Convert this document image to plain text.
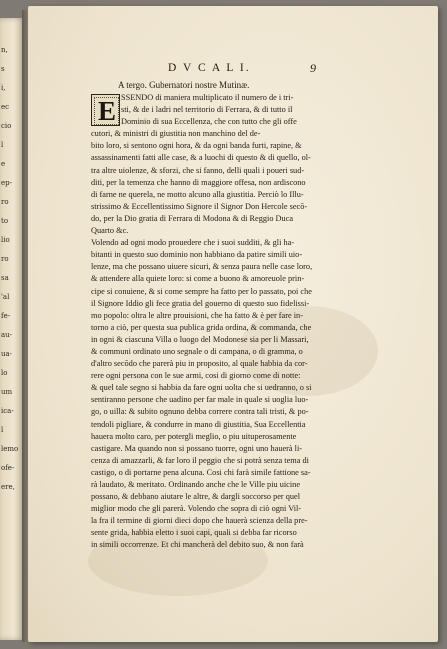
n,
s
i,
ec
cio
l
e
ep-
ro
to
lio
ro
sa
'al
fe-
au-
ua-
lo
um
ica-
l
lemo
ofe-
ere,
D V C A L I.	9
A tergo. Gubernatori nostre Mutinæ.
E SSENDO di maniera multiplicato il numero de i tri-
sti, & de i ladri nel territorio di Ferrara, & di tutto il
Dominio di sua Eccellenza, che con tutto che gli offe
cutori, & ministri di giustitia non manchino del de-
bito loro, si sentono ogni hora, & da ogni banda furti, rapine, &
assassinamenti fatti alle case, & a luochi di questo & di quello, ol-
tra altre uiolenze, & sforzi, che si fanno, delli quali i poueri sud-
diti, per la temenza che hanno di maggiore offesa, non ardiscono
di farne ne querela, ne motto alcuno alla giustitia. Perciò lo Illu-
strissimo & Eccellentissimo Signore il Signor Don Hercole secō-
do, per la Dio gratia di Ferrara di Modona & di Reggio Duca
Quarto &c.
Volendo ad ogni modo prouedere che i suoi sudditi, & gli ha-
bitanti in questo suo dominio non habbiano da patire simili uio-
lenze, ma che possano uiuere sicuri, & senza paura nelle case loro,
& attendere alla quiete loro: si come a buono & amoreuole prin-
cipe si conuiene, & si come sempre ha fatto per lo passato, poi che
il Signore Iddio gli fece gratia del gouerno di questo suo fidelissi-
mo popolo: oltra le altre prouisioni, che ha fatto & è per fare in-
torno a ciò, per questa sua publica grida ordina, & commanda, che
in ogni & ciascuna Villa o luogo del Modonese sia per li Massari,
& communi ordinato uno segnale o di campana, o di gramma, o
d'altro secōdo che parerà piu in proposito, al quale habbia da cor-
rere ogni persona con le sue armi, cosi di giorno come di notte:
& quel tale segno si habbia da fare ogni uolta che si uedranno, o si
sentiranno persone che uadino per far male in quale si uoglia luo-
go, o uilla: & subito ognuno debba correre contra tali tristi, & po-
tendoli pigliare, & condurre in mano di giustitia, Sua Eccellentia
hauera molto caro, per potergli meglio, o piu uituperosamente
castigare. Ma quando non si possano tuorre, ogni uno hauerà li-
cenza di amazzarli, & far loro il peggio che si potrà senza tema di
castigo, o di portarne pena alcuna. Cosi chi farà simile fattione sa-
rà laudato, & meritato. Ordinando anche che le Ville piu uicine
possano, & debbano aiutare le altre, & dargli soccorso per quel
miglior modo che gli parerà. Volendo che sopra di ciò ogni Vil-
la fra il termine di giorni dieci dopo che hauerà scienza della pre-
sente grida, habbia eletto i suoi capi, quali si debba far ricorso
in simili occorrenze. Et chi mancherà del debito suo, & non farà
